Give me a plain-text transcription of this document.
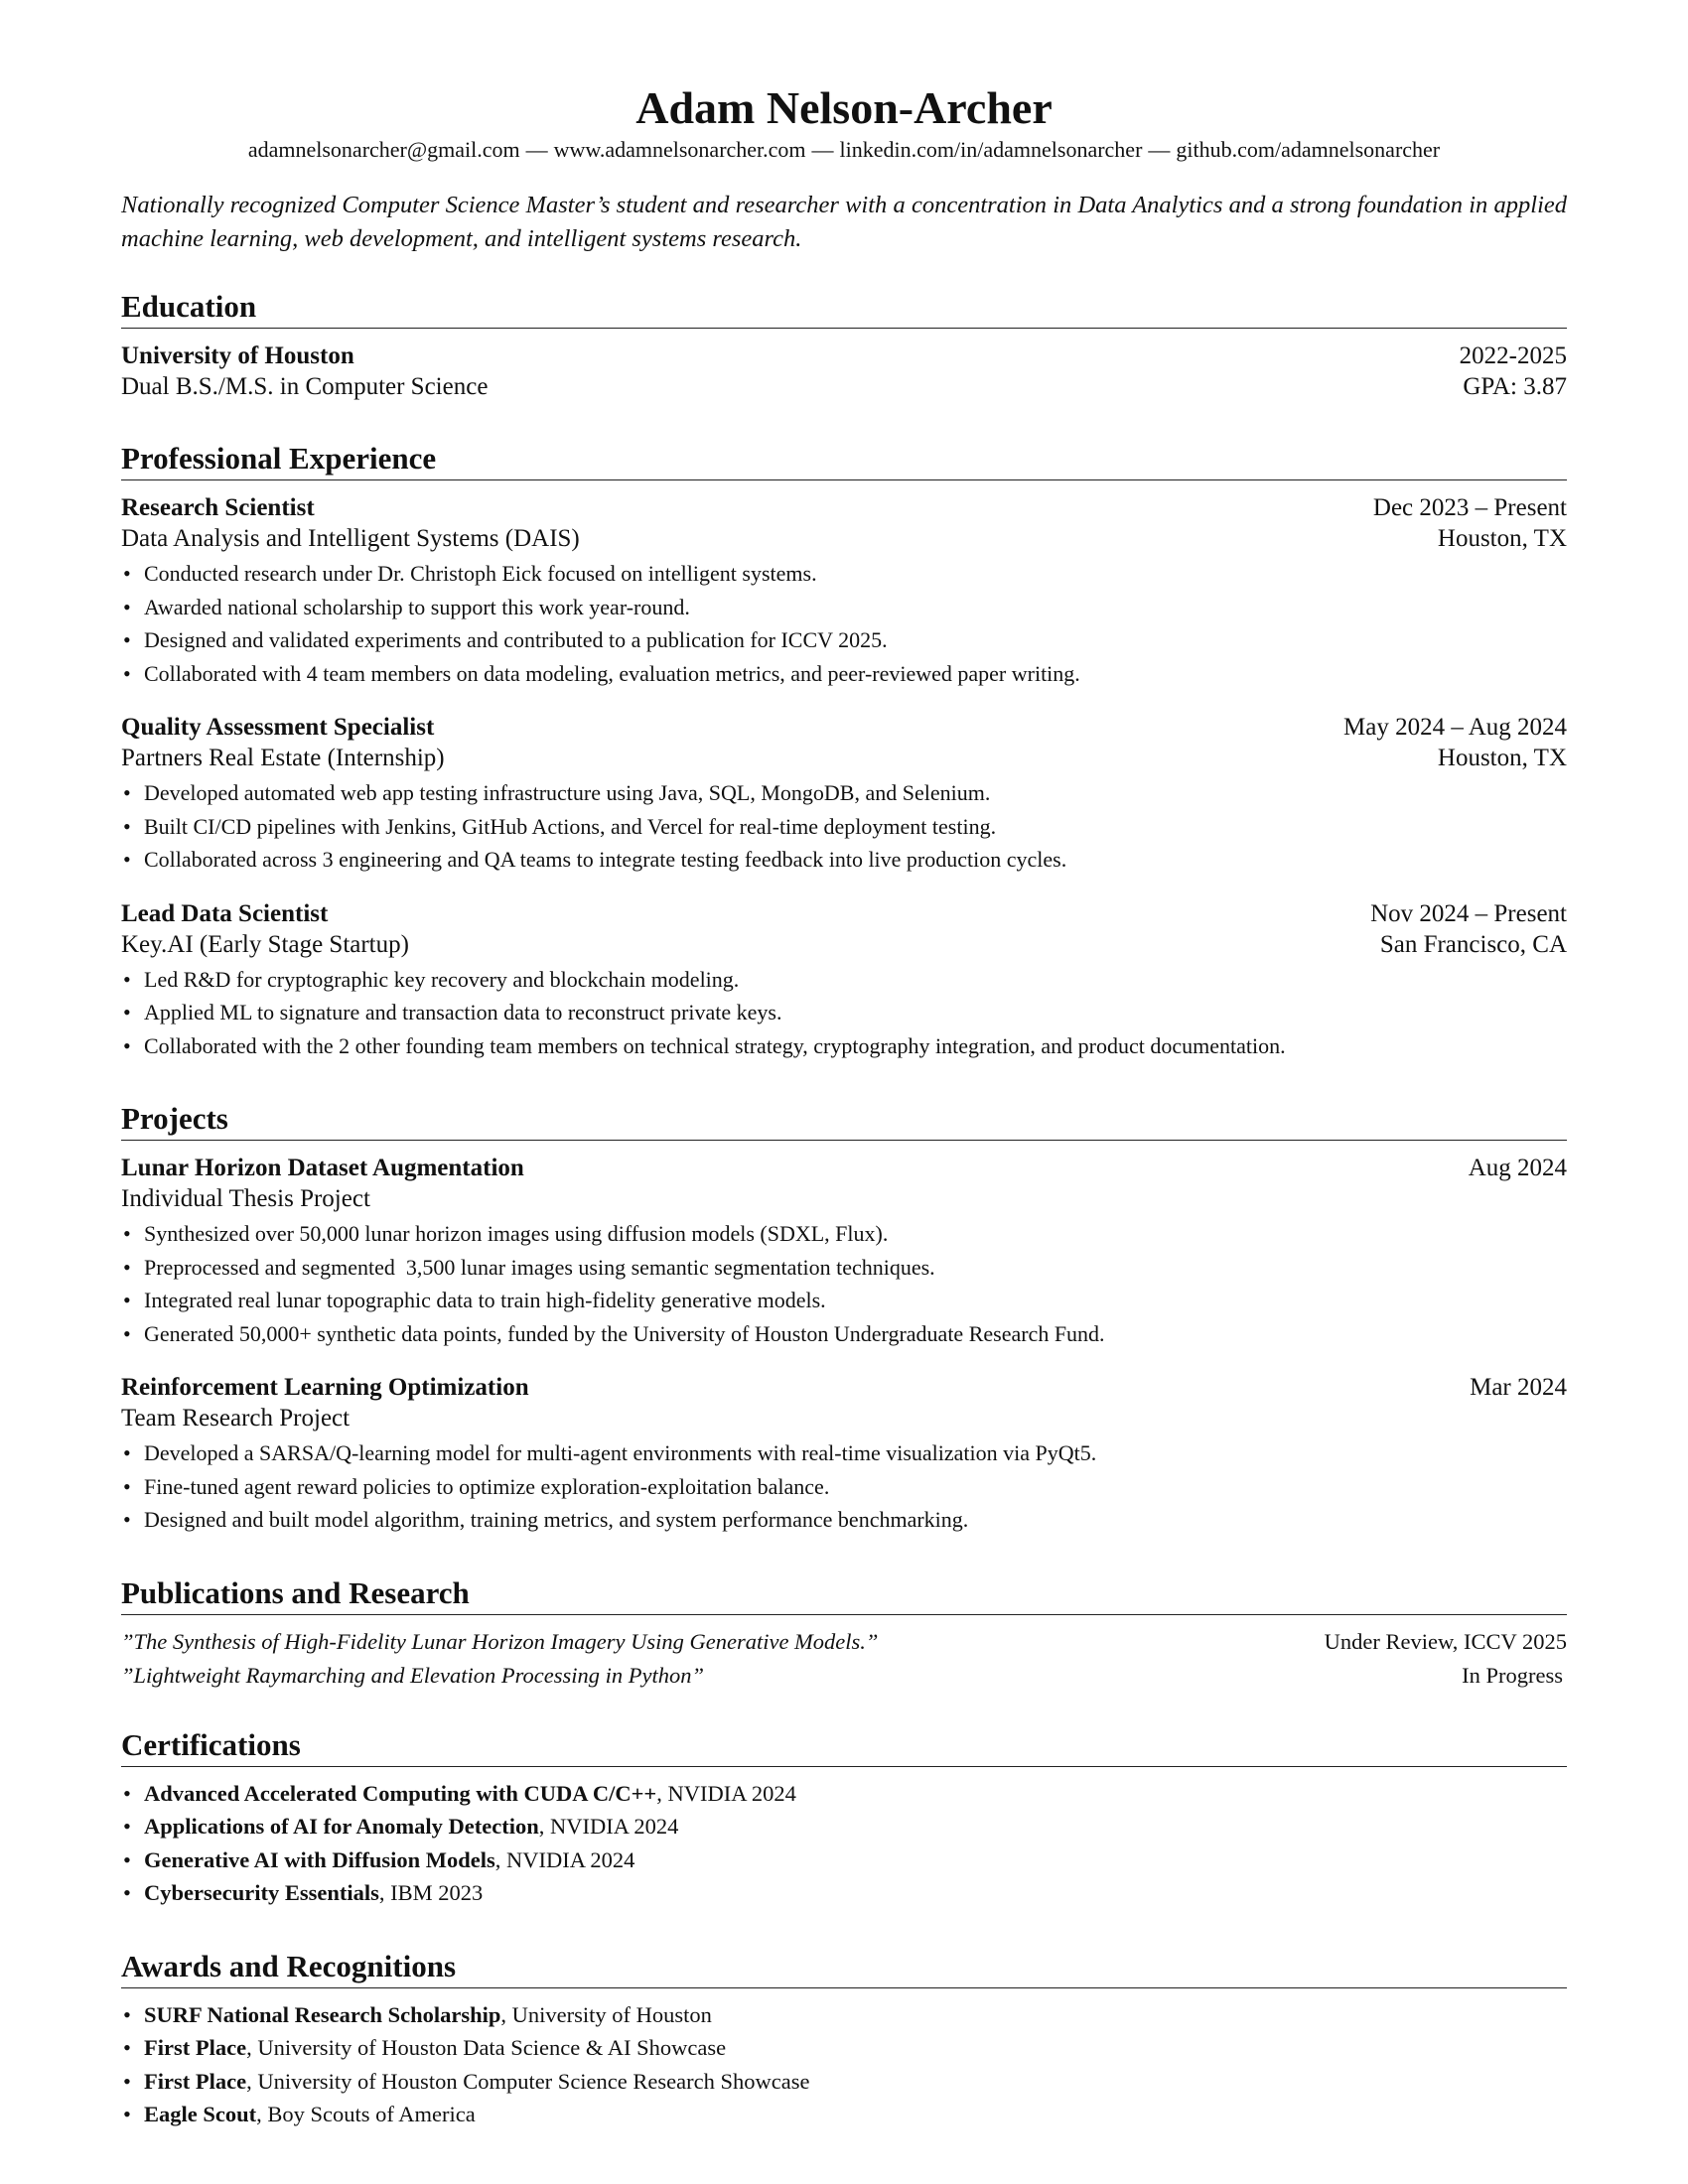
Adam Nelson-Archer
adamnelsonarcher@gmail.com — www.adamnelsonarcher.com — linkedin.com/in/adamnelsonarcher — github.com/adamnelsonarcher
Nationally recognized Computer Science Master’s student and researcher with a concentration in Data Analytics and a strong foundation in applied machine learning, web development, and intelligent systems research.
Education
University of Houston	2022-2025
Dual B.S./M.S. in Computer Science	GPA: 3.87
Professional Experience
Research Scientist	Dec 2023 – Present
Data Analysis and Intelligent Systems (DAIS)	Houston, TX
• Conducted research under Dr. Christoph Eick focused on intelligent systems.
• Awarded national scholarship to support this work year-round.
• Designed and validated experiments and contributed to a publication for ICCV 2025.
• Collaborated with 4 team members on data modeling, evaluation metrics, and peer-reviewed paper writing.
Quality Assessment Specialist	May 2024 – Aug 2024
Partners Real Estate (Internship)	Houston, TX
• Developed automated web app testing infrastructure using Java, SQL, MongoDB, and Selenium.
• Built CI/CD pipelines with Jenkins, GitHub Actions, and Vercel for real-time deployment testing.
• Collaborated across 3 engineering and QA teams to integrate testing feedback into live production cycles.
Lead Data Scientist	Nov 2024 – Present
Key.AI (Early Stage Startup)	San Francisco, CA
• Led R&D for cryptographic key recovery and blockchain modeling.
• Applied ML to signature and transaction data to reconstruct private keys.
• Collaborated with the 2 other founding team members on technical strategy, cryptography integration, and product documentation.
Projects
Lunar Horizon Dataset Augmentation	Aug 2024
Individual Thesis Project
• Synthesized over 50,000 lunar horizon images using diffusion models (SDXL, Flux).
• Preprocessed and segmented  3,500 lunar images using semantic segmentation techniques.
• Integrated real lunar topographic data to train high-fidelity generative models.
• Generated 50,000+ synthetic data points, funded by the University of Houston Undergraduate Research Fund.
Reinforcement Learning Optimization	Mar 2024
Team Research Project
• Developed a SARSA/Q-learning model for multi-agent environments with real-time visualization via PyQt5.
• Fine-tuned agent reward policies to optimize exploration-exploitation balance.
• Designed and built model algorithm, training metrics, and system performance benchmarking.
Publications and Research
”The Synthesis of High-Fidelity Lunar Horizon Imagery Using Generative Models.”	Under Review, ICCV 2025
”Lightweight Raymarching and Elevation Processing in Python”	In Progress
Certifications
• Advanced Accelerated Computing with CUDA C/C++, NVIDIA 2024
• Applications of AI for Anomaly Detection, NVIDIA 2024
• Generative AI with Diffusion Models, NVIDIA 2024
• Cybersecurity Essentials, IBM 2023
Awards and Recognitions
• SURF National Research Scholarship, University of Houston
• First Place, University of Houston Data Science & AI Showcase
• First Place, University of Houston Computer Science Research Showcase
• Eagle Scout, Boy Scouts of America
